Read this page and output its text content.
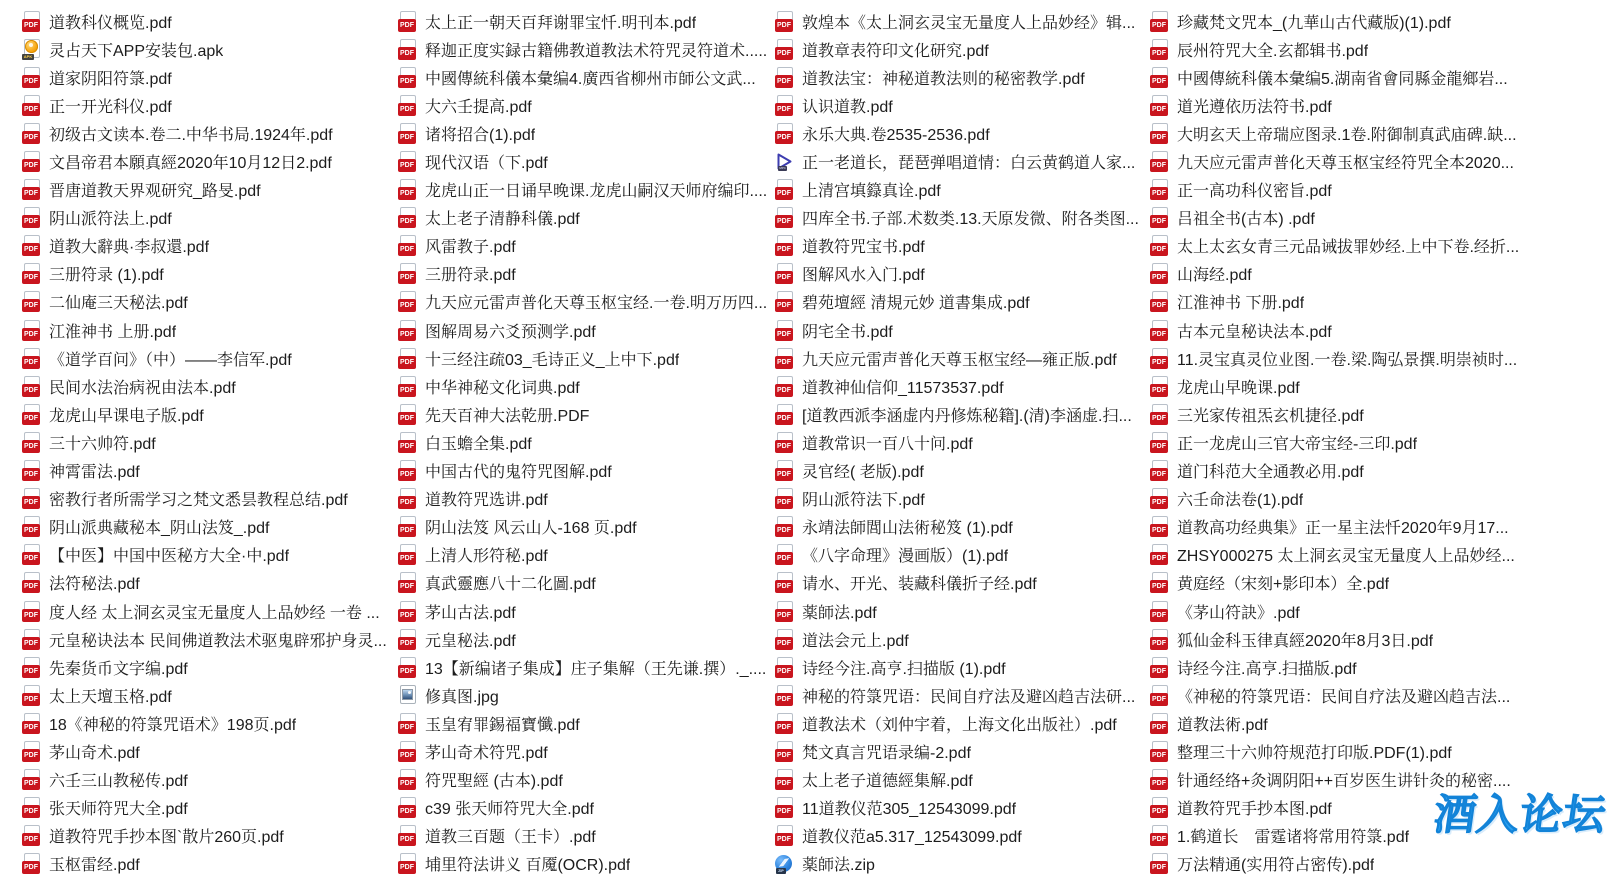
PDF 道教科仪概览.pdf
APK 灵占天下APP安装包.apk
PDF 道家阴阳符箓.pdf
PDF 正一开光科仪.pdf
PDF 初级古文读本.卷二.中华书局.1924年.pdf
PDF 文昌帝君本願真經2020年10月12日2.pdf
PDF 晋唐道教天界观研究_路旻.pdf
PDF 阴山派符法上.pdf
PDF 道教大辭典·李叔還.pdf
PDF 三册符录 (1).pdf
PDF 二仙庵三天秘法.pdf
PDF 江淮神书 上册.pdf
PDF 《道学百问》（中）——李信军.pdf
PDF 民间水法治病祝由法本.pdf
PDF 龙虎山早课电子版.pdf
PDF 三十六帅符.pdf
PDF 神霄雷法.pdf
PDF 密教行者所需学习之梵文悉昙教程总结.pdf
PDF 阴山派典藏秘本_阴山法笈_.pdf
PDF 【中医】中国中医秘方大全·中.pdf
PDF 法符秘法.pdf
PDF 度人经 太上洞玄灵宝无量度人上品妙经 一卷 ...
PDF 元皇秘诀法本 民间佛道教法术驱鬼辟邪护身灵...
PDF 先秦货币文字编.pdf
PDF 太上天壇玉格.pdf
PDF 18《神秘的符箓咒语术》198页.pdf
PDF 茅山奇术.pdf
PDF 六壬三山教秘传.pdf
PDF 张天师符咒大全.pdf
PDF 道教符咒手抄本图`散片260页.pdf
PDF 玉枢雷经.pdf
PDF 太上正一朝天百拜谢罪宝忏.明刊本.pdf
PDF 释迦正度实録古籍佛教道教法术符咒灵符道术.....
PDF 中國傳統科儀本彙编4.廣西省柳州市師公文武...
PDF 大六壬提高.pdf
PDF 诸将招合(1).pdf
PDF 现代汉语（下.pdf
PDF 龙虎山正一日诵早晚课.龙虎山嗣汉天师府编印....
PDF 太上老子清静科儀.pdf
PDF 风雷教子.pdf
PDF 三册符录.pdf
PDF 九天应元雷声普化天尊玉枢宝经.一卷.明万历四...
PDF 图解周易六爻预测学.pdf
PDF 十三经注疏03_毛诗正义_上中下.pdf
PDF 中华神秘文化词典.pdf
PDF 先天百神大法乾册.PDF
PDF 白玉蟾全集.pdf
PDF 中国古代的鬼符咒图解.pdf
PDF 道教符咒选讲.pdf
PDF 阴山法笈 风云山人-168 页.pdf
PDF 上清人形符秘.pdf
PDF 真武靈應八十二化圖.pdf
PDF 茅山古法.pdf
PDF 元皇秘法.pdf
PDF 13【新编诸子集成】庄子集解（王先谦.撰）._....
修真图.jpg
PDF 玉皇宥罪錫福寶懺.pdf
PDF 茅山奇术符咒.pdf
PDF 符咒聖經 (古本).pdf
PDF c39 张天师符咒大全.pdf
PDF 道教三百题（王卡）.pdf
PDF 埔里符法讲义 百魇(OCR).pdf
PDF 敦煌本《太上洞玄灵宝无量度人上品妙经》辑...
PDF 道教章表符印文化研究.pdf
PDF 道教法宝：神秘道教法则的秘密教学.pdf
PDF 认识道教.pdf
PDF 永乐大典.卷2535-2536.pdf
MP4 正一老道长，琵琶弹唱道情：白云黄鹤道人家...
PDF 上清宫填籙真诠.pdf
PDF 四库全书.子部.术数类.13.天原发微、附各类图...
PDF 道教符咒宝书.pdf
PDF 图解风水入门.pdf
PDF 碧苑壇經 清規元妙 道書集成.pdf
PDF 阴宅全书.pdf
PDF 九天应元雷声普化天尊玉枢宝经—雍正版.pdf
PDF 道教神仙信仰_11573537.pdf
PDF [道教西派李涵虚内丹修炼秘籍].(清)李涵虚.扫...
PDF 道教常识一百八十问.pdf
PDF 灵官经( 老版).pdf
PDF 阴山派符法下.pdf
PDF 永靖法師閭山法術秘笈 (1).pdf
PDF 《八字命理》漫画版）(1).pdf
PDF 请水、开光、装藏科儀折子经.pdf
PDF 薬師法.pdf
PDF 道法会元上.pdf
PDF 诗经今注.高亨.扫描版 (1).pdf
PDF 神秘的符箓咒语：民间自疗法及避凶趋吉法研...
PDF 道教法术（刘仲宇着，上海文化出版社）.pdf
PDF 梵文真言咒语录编-2.pdf
PDF 太上老子道德經集解.pdf
PDF 11道教仪范305_12543099.pdf
PDF 道教仪范a5.317_12543099.pdf
ZIP 薬師法.zip
PDF 珍藏梵文咒本_(九華山古代藏版)(1).pdf
PDF 辰州符咒大全.玄都辑书.pdf
PDF 中國傳統科儀本彙编5.湖南省會同縣金龍鄉岩...
PDF 道光遵依历法符书.pdf
PDF 大明玄天上帝瑞应图录.1卷.附御制真武庙碑.缺...
PDF 九天应元雷声普化天尊玉枢宝经符咒全本2020...
PDF 正一高功科仪密旨.pdf
PDF 吕祖全书(古本) .pdf
PDF 太上太玄女青三元品诫拔罪妙经.上中下卷.经折...
PDF 山海经.pdf
PDF 江淮神书 下册.pdf
PDF 古本元皇秘诀法本.pdf
PDF 11.灵宝真灵位业图.一卷.梁.陶弘景撰.明崇祯时...
PDF 龙虎山早晚课.pdf
PDF 三光家传祖炁玄机捷径.pdf
PDF 正一龙虎山三官大帝宝经-三印.pdf
PDF 道门科范大全通教必用.pdf
PDF 六壬命法卷(1).pdf
PDF 道教高功经典集》正一星主法忏2020年9月17...
PDF ZHSY000275 太上洞玄灵宝无量度人上品妙经...
PDF 黄庭经（宋刻+影印本）全.pdf
PDF 《茅山符訣》.pdf
PDF 狐仙金科玉律真經2020年8月3日.pdf
PDF 诗经今注.高亨.扫描版.pdf
PDF 《神秘的符箓咒语：民间自疗法及避凶趋吉法...
PDF 道教法術.pdf
PDF 整理三十六帅符规范打印版.PDF(1).pdf
PDF 针通经络+灸调阴阳++百岁医生讲针灸的秘密....
PDF 道教符咒手抄本图.pdf
PDF 1.鹤道长　雷霆诸将常用符箓.pdf
PDF 万法精通(实用符占密传).pdf
酒入论坛
